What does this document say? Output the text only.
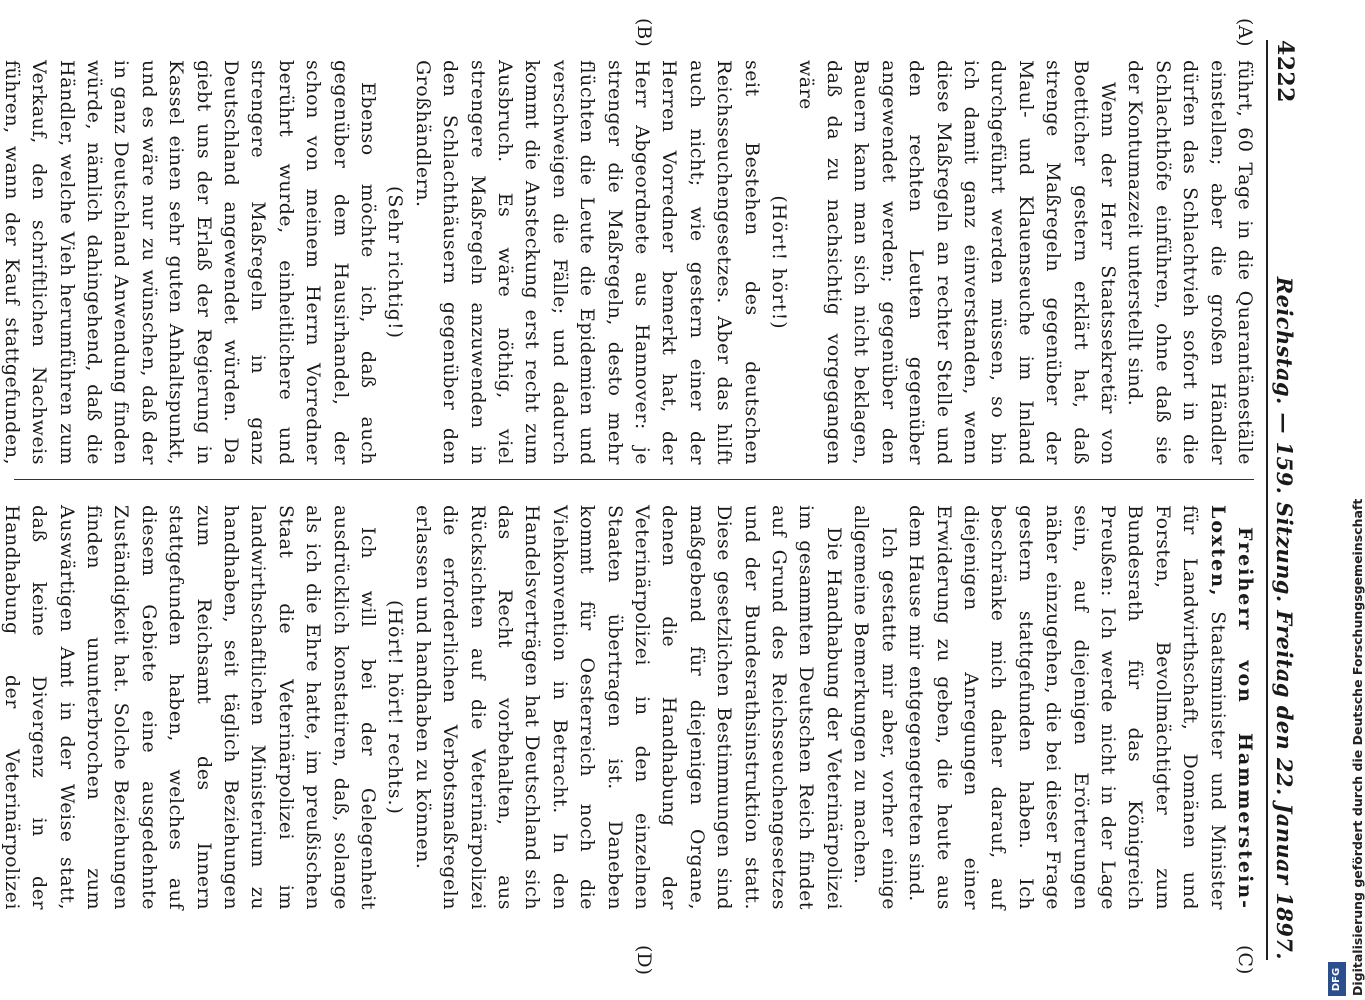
4222
Reichstag. — 159. Sitzung. Freitag den 22. Januar 1897.
(A)
(B)
(C)
(D)

führt, 60 Tage in die Quarantäneställe einstellen; aber die großen Händler dürfen das Schlachtvieh sofort in die Schlachthöfe einführen, ohne daß sie der Kontumazzeit unterstellt sind.

Wenn der Herr Staatssekretär von Boetticher gestern erklärt hat, daß strenge Maßregeln gegenüber der Maul- und Klauenseuche im Inland durchgeführt werden müssen, so bin ich damit ganz einverstanden, wenn diese Maßregeln an rechter Stelle und den rechten Leuten gegenüber angewendet werden; gegenüber den Bauern kann man sich nicht beklagen, daß da zu nachsichtig vorgegangen wäre

(Hört! hört!)

seit Bestehen des deutschen Reichsseuchengesetzes. Aber das hilft auch nicht; wie gestern einer der Herren Vorredner bemerkt hat, der Herr Abgeordnete aus Hannover: je strenger die Maßregeln, desto mehr flüchten die Leute die Epidemien und verschweigen die Fälle; und dadurch kommt die Ansteckung erst recht zum Ausbruch. Es wäre nöthig, viel strengere Maßregeln anzuwenden in den Schlachthäusern gegenüber den Großhändlern.

(Sehr richtig!)

Ebenso möchte ich, daß auch gegenüber dem Hausirhandel, der schon von meinem Herrn Vorredner berührt wurde, einheitlichere und strengere Maßregeln in ganz Deutschland angewendet würden. Da giebt uns der Erlaß der Regierung in Kassel einen sehr guten Anhaltspunkt, und es wäre nur zu wünschen, daß der in ganz Deutschland Anwendung finden würde, nämlich dahingehend, daß die Händler, welche Vieh herumführen zum Verkauf, den schriftlichen Nachweis führen, wann der Kauf stattgefunden,

Freiherr von Hammerstein-Loxten, Staatsminister und Minister für Landwirthschaft, Domänen und Forsten, Bevollmächtigter zum Bundesrath für das Königreich Preußen: Ich werde nicht in der Lage sein, auf diejenigen Erörterungen näher einzugehen, die bei dieser Frage gestern stattgefunden haben. Ich beschränke mich daher darauf, auf diejenigen Anregungen einer Erwiderung zu geben, die heute aus dem Hause mir entgegengetreten sind.

Ich gestatte mir aber, vorher einige allgemeine Bemerkungen zu machen.

Die Handhabung der Veterinärpolizei im gesammten Deutschen Reich findet auf Grund des Reichsseuchengesetzes und der Bundesrathsinstruktion statt. Diese gesetzlichen Bestimmungen sind maßgebend für diejenigen Organe, denen die Handhabung der Veterinärpolizei in den einzelnen Staaten übertragen ist. Daneben kommt für Oesterreich noch die Viehkonvention in Betracht. In den Handelsverträgen hat Deutschland sich das Recht vorbehalten, aus Rücksichten auf die Veterinärpolizei die erforderlichen Verbotsmaßregeln erlassen und handhaben zu können.

(Hört! hört! rechts.)

Ich will bei der Gelegenheit ausdrücklich konstatiren, daß, solange als ich die Ehre hatte, im preußischen Staat die Veterinärpolizei im landwirthschaftlichen Ministerium zu handhaben, seit täglich Beziehungen zum Reichsamt des Innern stattgefunden haben, welches auf diesem Gebiete eine ausgedehnte Zuständigkeit hat. Solche Beziehungen finden ununterbrochen zum Auswärtigen Amt in der Weise statt, daß keine Divergenz in der Handhabung der Veterinärpolizei	Digitalisierung gefördert durch die Deutsche Forschungsgemeinschaft
DFG
